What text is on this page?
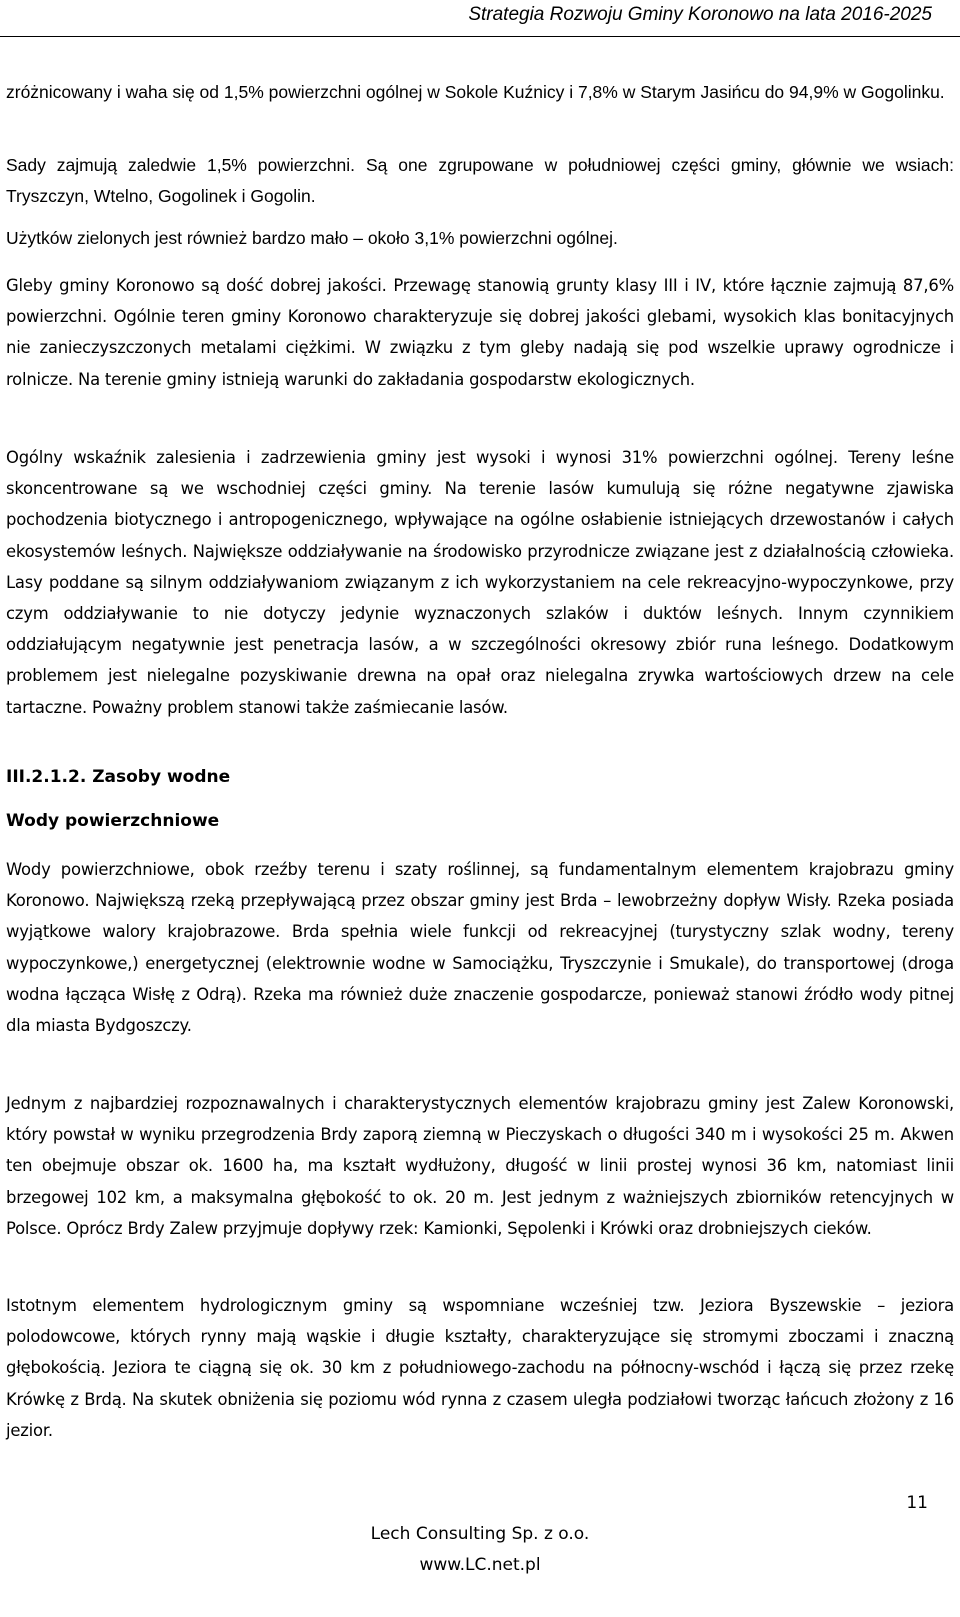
Strategia Rozwoju Gminy Koronowo na lata 2016-2025

zróżnicowany i waha się od 1,5% powierzchni ogólnej w Sokole Kuźnicy i 7,8% w Starym Jasińcu do 94,9% w Gogolinku.

Sady zajmują zaledwie 1,5% powierzchni. Są one zgrupowane w południowej części gminy, głównie we wsiach: Tryszczyn, Wtelno, Gogolinek i Gogolin.

Użytków zielonych jest również bardzo mało – około 3,1% powierzchni ogólnej.

Gleby gminy Koronowo są dość dobrej jakości. Przewagę stanowią grunty klasy III i IV, które łącznie zajmują 87,6% powierzchni. Ogólnie teren gminy Koronowo charakteryzuje się dobrej jakości glebami, wysokich klas bonitacyjnych nie zanieczyszczonych metalami ciężkimi. W związku z tym gleby nadają się pod wszelkie uprawy ogrodnicze i rolnicze. Na terenie gminy istnieją warunki do zakładania gospodarstw ekologicznych.

Ogólny wskaźnik zalesienia i zadrzewienia gminy jest wysoki i wynosi 31% powierzchni ogólnej. Tereny leśne skoncentrowane są we wschodniej części gminy. Na terenie lasów kumulują się różne negatywne zjawiska pochodzenia biotycznego i antropogenicznego, wpływające na ogólne osłabienie istniejących drzewostanów i całych ekosystemów leśnych. Największe oddziaływanie na środowisko przyrodnicze związane jest z działalnością człowieka. Lasy poddane są silnym oddziaływaniom związanym z ich wykorzystaniem na cele rekreacyjno-wypoczynkowe, przy czym oddziaływanie to nie dotyczy jedynie wyznaczonych szlaków i duktów leśnych. Innym czynnikiem oddziałującym negatywnie jest penetracja lasów, a w szczególności okresowy zbiór runa leśnego. Dodatkowym problemem jest nielegalne pozyskiwanie drewna na opał oraz nielegalna zrywka wartościowych drzew na cele tartaczne. Poważny problem stanowi także zaśmiecanie lasów.

III.2.1.2. Zasoby wodne
Wody powierzchniowe

Wody powierzchniowe, obok rzeźby terenu i szaty roślinnej, są fundamentalnym elementem krajobrazu gminy Koronowo. Największą rzeką przepływającą przez obszar gminy jest Brda – lewobrzeżny dopływ Wisły. Rzeka posiada wyjątkowe walory krajobrazowe. Brda spełnia wiele funkcji od rekreacyjnej (turystyczny szlak wodny, tereny wypoczynkowe,) energetycznej (elektrownie wodne w Samociążku, Tryszczynie i Smukale), do transportowej (droga wodna łącząca Wisłę z Odrą). Rzeka ma również duże znaczenie gospodarcze, ponieważ stanowi źródło wody pitnej dla miasta Bydgoszczy.

Jednym z najbardziej rozpoznawalnych i charakterystycznych elementów krajobrazu gminy jest Zalew Koronowski, który powstał w wyniku przegrodzenia Brdy zaporą ziemną w Pieczyskach o długości 340 m i wysokości 25 m. Akwen ten obejmuje obszar ok. 1600 ha, ma kształt wydłużony, długość w linii prostej wynosi 36 km, natomiast linii brzegowej 102 km, a maksymalna głębokość to ok. 20 m. Jest jednym z ważniejszych zbiorników retencyjnych w Polsce. Oprócz Brdy Zalew przyjmuje dopływy rzek: Kamionki, Sępolenki i Krówki oraz drobniejszych cieków.

Istotnym elementem hydrologicznym gminy są wspomniane wcześniej tzw. Jeziora Byszewskie – jeziora polodowcowe, których rynny mają wąskie i długie kształty, charakteryzujące się stromymi zboczami i znaczną głębokością. Jeziora te ciągną się ok. 30 km z południowego-zachodu na północny-wschód i łączą się przez rzekę Krówkę z Brdą. Na skutek obniżenia się poziomu wód rynna z czasem uległa podziałowi tworząc łańcuch złożony z 16 jezior.

11
Lech Consulting Sp. z o.o.
www.LC.net.pl
